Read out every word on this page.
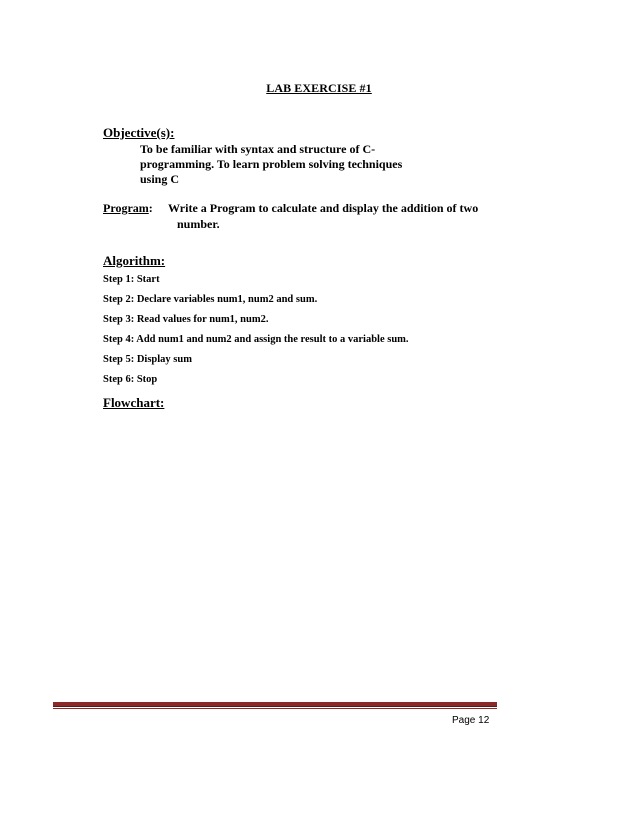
LAB EXERCISE #1
Objective(s):
To be familiar with syntax and structure of C-
programming. To learn problem solving techniques
using C
Program: Write a Program to calculate and display the addition of two
number.
Algorithm:
Step 1: Start
Step 2: Declare variables num1, num2 and sum.
Step 3: Read values for num1, num2.
Step 4: Add num1 and num2 and assign the result to a variable sum.
Step 5: Display sum
Step 6: Stop
Flowchart:
Page 12
